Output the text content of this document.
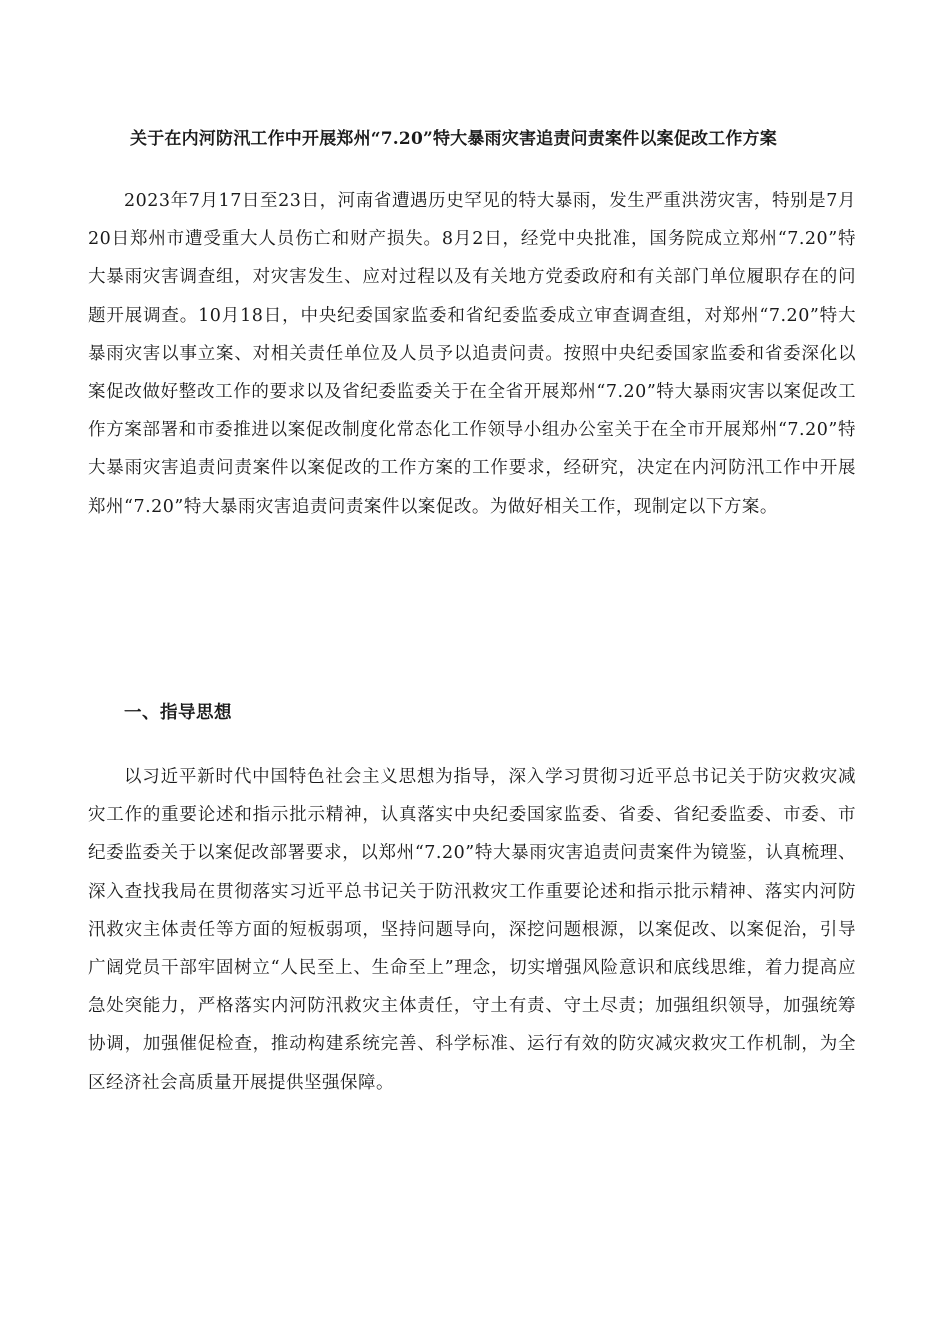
关于在内河防汛工作中开展郑州“7.20”特大暴雨灾害追责问责案件以案促改工作方案

2023年7月17日至23日，河南省遭遇历史罕见的特大暴雨，发生严重洪涝灾害，特别是7月20日郑州市遭受重大人员伤亡和财产损失。8月2日，经党中央批准，国务院成立郑州“7.20”特大暴雨灾害调查组，对灾害发生、应对过程以及有关地方党委政府和有关部门单位履职存在的问题开展调查。10月18日，中央纪委国家监委和省纪委监委成立审查调查组，对郑州“7.20”特大暴雨灾害以事立案、对相关责任单位及人员予以追责问责。按照中央纪委国家监委和省委深化以案促改做好整改工作的要求以及省纪委监委关于在全省开展郑州“7.20”特大暴雨灾害以案促改工作方案部署和市委推进以案促改制度化常态化工作领导小组办公室关于在全市开展郑州“7.20”特大暴雨灾害追责问责案件以案促改的工作方案的工作要求，经研究，决定在内河防汛工作中开展郑州“7.20”特大暴雨灾害追责问责案件以案促改。为做好相关工作，现制定以下方案。

一、指导思想

以习近平新时代中国特色社会主义思想为指导，深入学习贯彻习近平总书记关于防灾救灾减灾工作的重要论述和指示批示精神，认真落实中央纪委国家监委、省委、省纪委监委、市委、市纪委监委关于以案促改部署要求，以郑州“7.20”特大暴雨灾害追责问责案件为镜鉴，认真梳理、深入查找我局在贯彻落实习近平总书记关于防汛救灾工作重要论述和指示批示精神、落实内河防汛救灾主体责任等方面的短板弱项，坚持问题导向，深挖问题根源，以案促改、以案促治，引导广阔党员干部牢固树立“人民至上、生命至上”理念，切实增强风险意识和底线思维，着力提高应急处突能力，严格落实内河防汛救灾主体责任，守土有责、守土尽责；加强组织领导，加强统筹协调，加强催促检查，推动构建系统完善、科学标准、运行有效的防灾减灾救灾工作机制，为全区经济社会高质量开展提供坚强保障。
